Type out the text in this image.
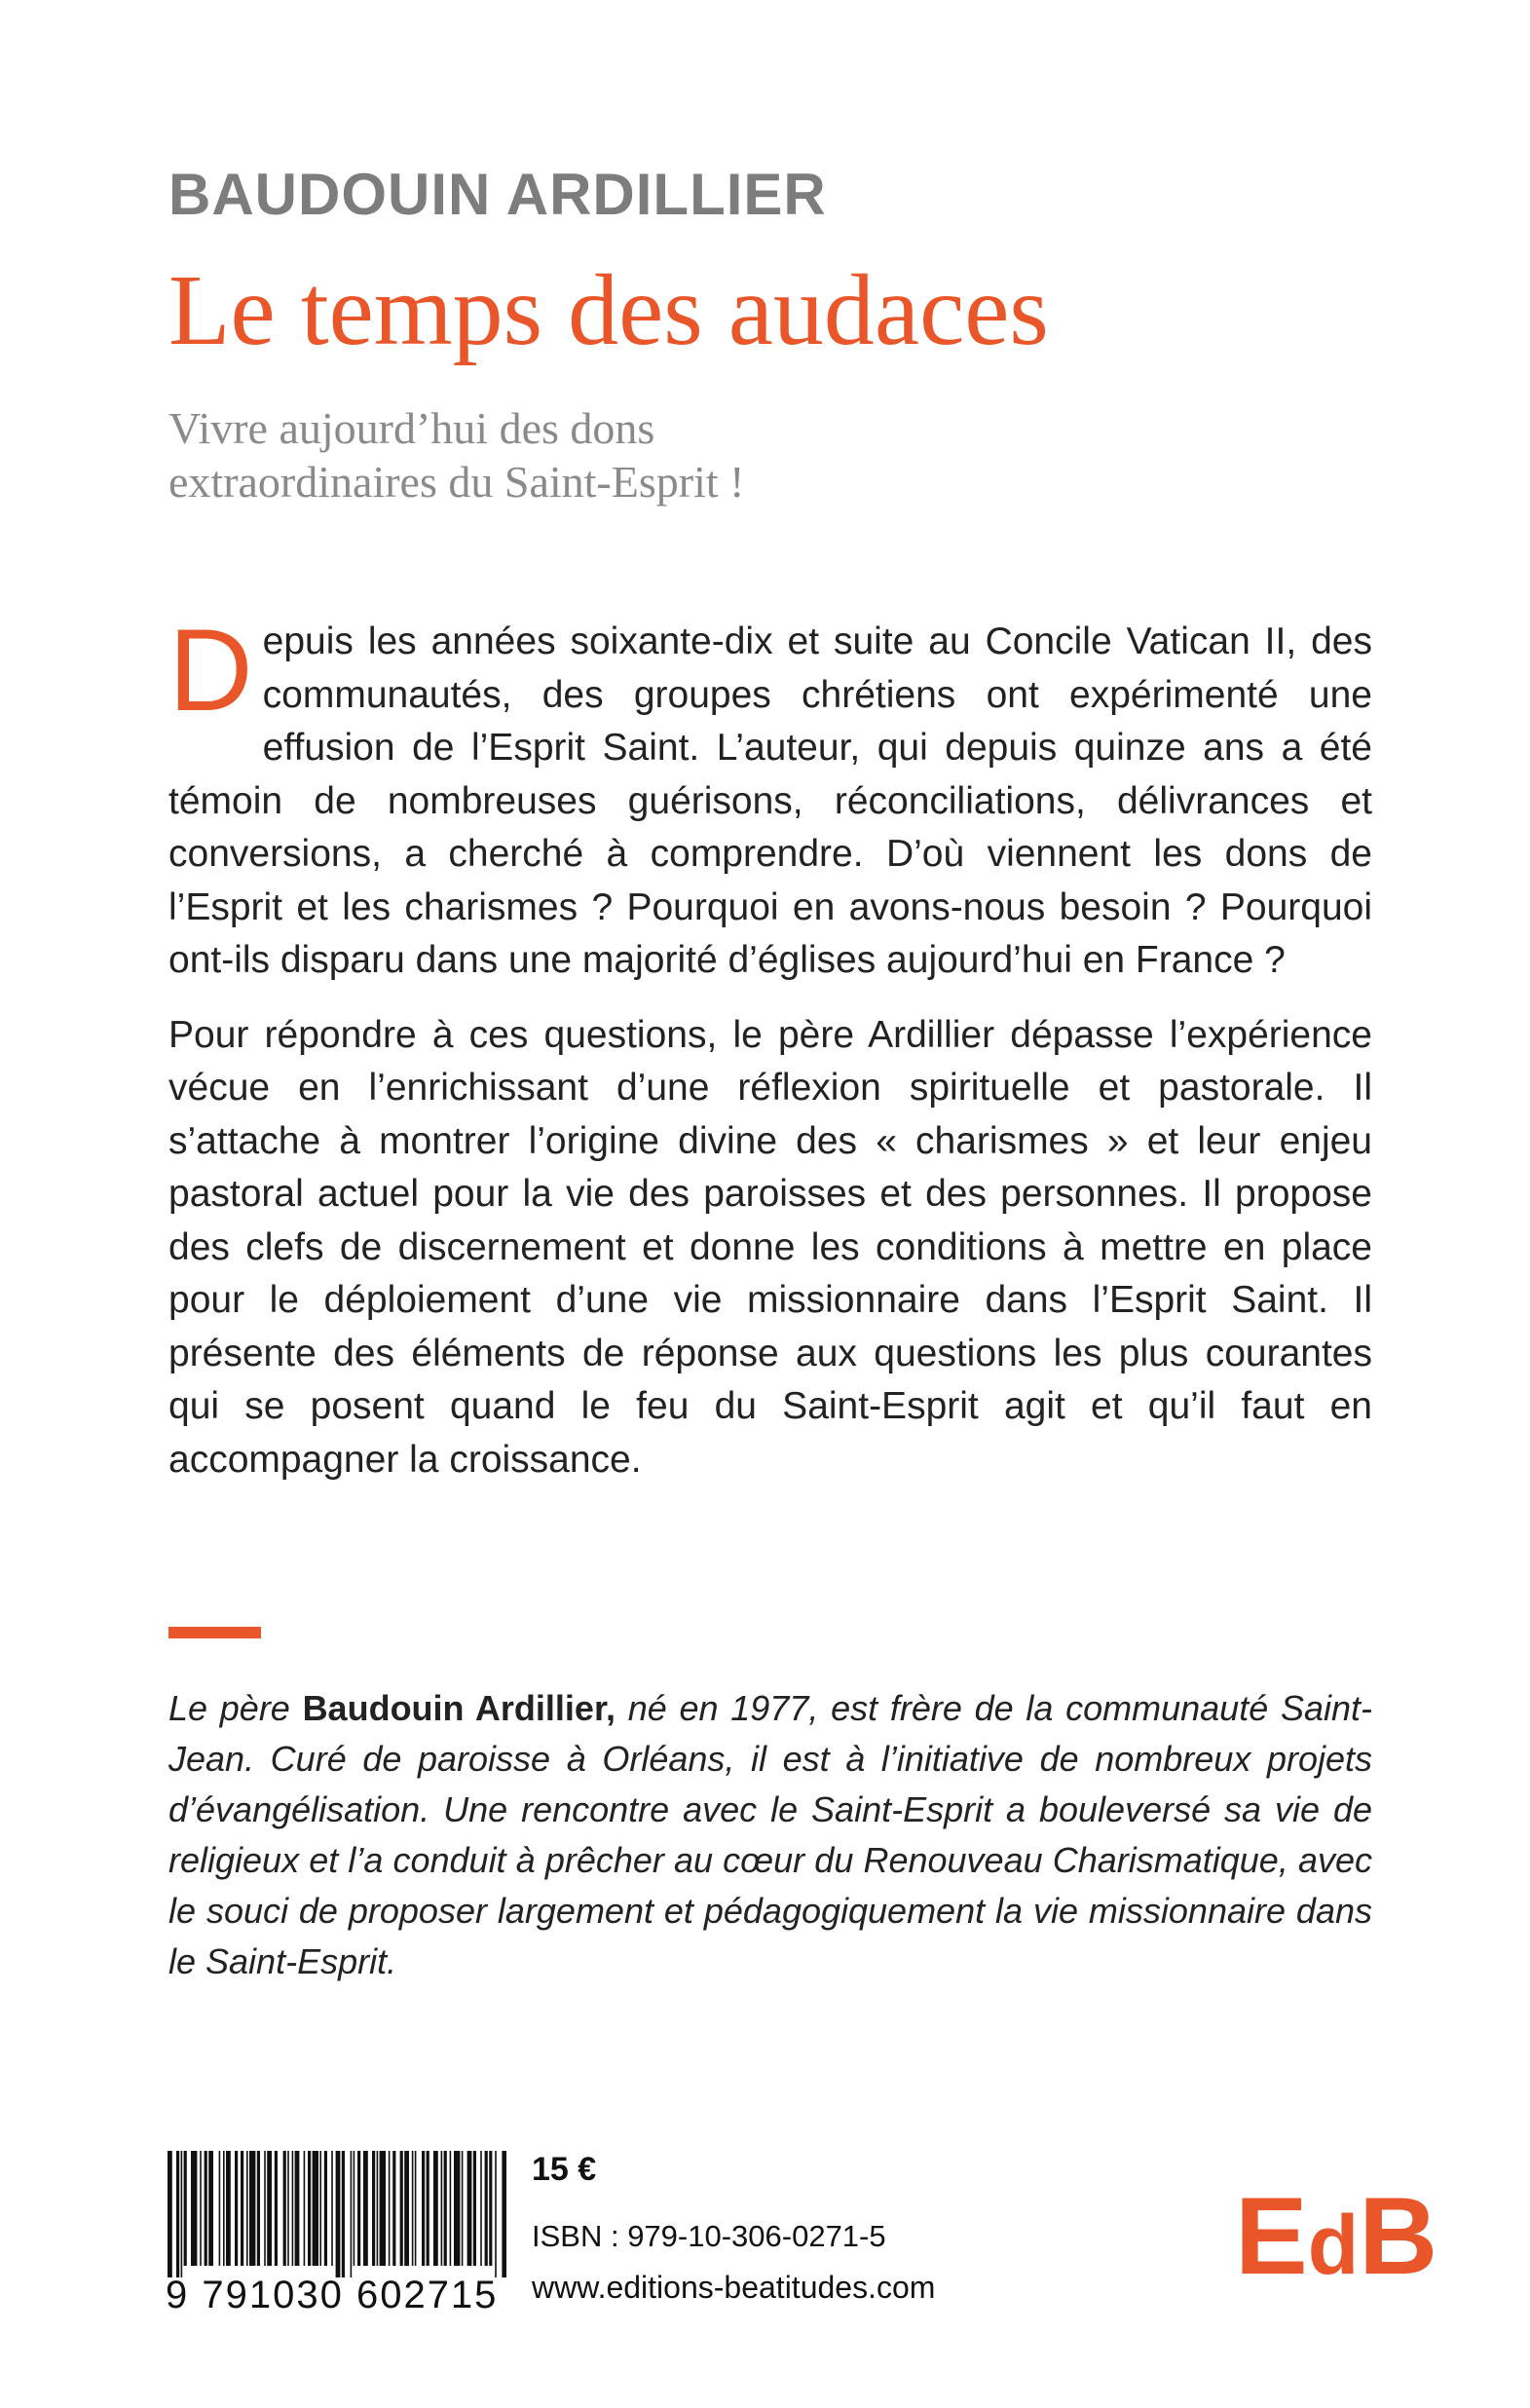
BAUDOUIN ARDILLIER
Le temps des audaces
Vivre aujourd’hui des dons
extraordinaires du Saint-Esprit !

Depuis les années soixante-dix et suite au Concile Vatican II, des communautés, des groupes chrétiens ont expérimenté une effusion de l’Esprit Saint. L’auteur, qui depuis quinze ans a été témoin de nombreuses guérisons, réconciliations, délivrances et conversions, a cherché à comprendre. D’où viennent les dons de l’Esprit et les charismes ? Pourquoi en avons-nous besoin ? Pourquoi ont-ils disparu dans une majorité d’églises aujourd’hui en France ?

Pour répondre à ces questions, le père Ardillier dépasse l’expérience vécue en l’enrichissant d’une réflexion spirituelle et pastorale. Il s’attache à montrer l’origine divine des « charismes » et leur enjeu pastoral actuel pour la vie des paroisses et des personnes. Il propose des clefs de discernement et donne les conditions à mettre en place pour le déploiement d’une vie missionnaire dans l’Esprit Saint. Il présente des éléments de réponse aux questions les plus courantes qui se posent quand le feu du Saint-Esprit agit et qu’il faut en accompagner la croissance.

Le père Baudouin Ardillier, né en 1977, est frère de la communauté Saint-Jean. Curé de paroisse à Orléans, il est à l’initiative de nombreux projets d’évangélisation. Une rencontre avec le Saint-Esprit a bouleversé sa vie de religieux et l’a conduit à prêcher au cœur du Renouveau Charismatique, avec le souci de proposer largement et pédagogiquement la vie missionnaire dans le Saint-Esprit.
9 791030 602715
15 €
ISBN : 979-10-306-0271-5
www.editions-beatitudes.com	EdB
